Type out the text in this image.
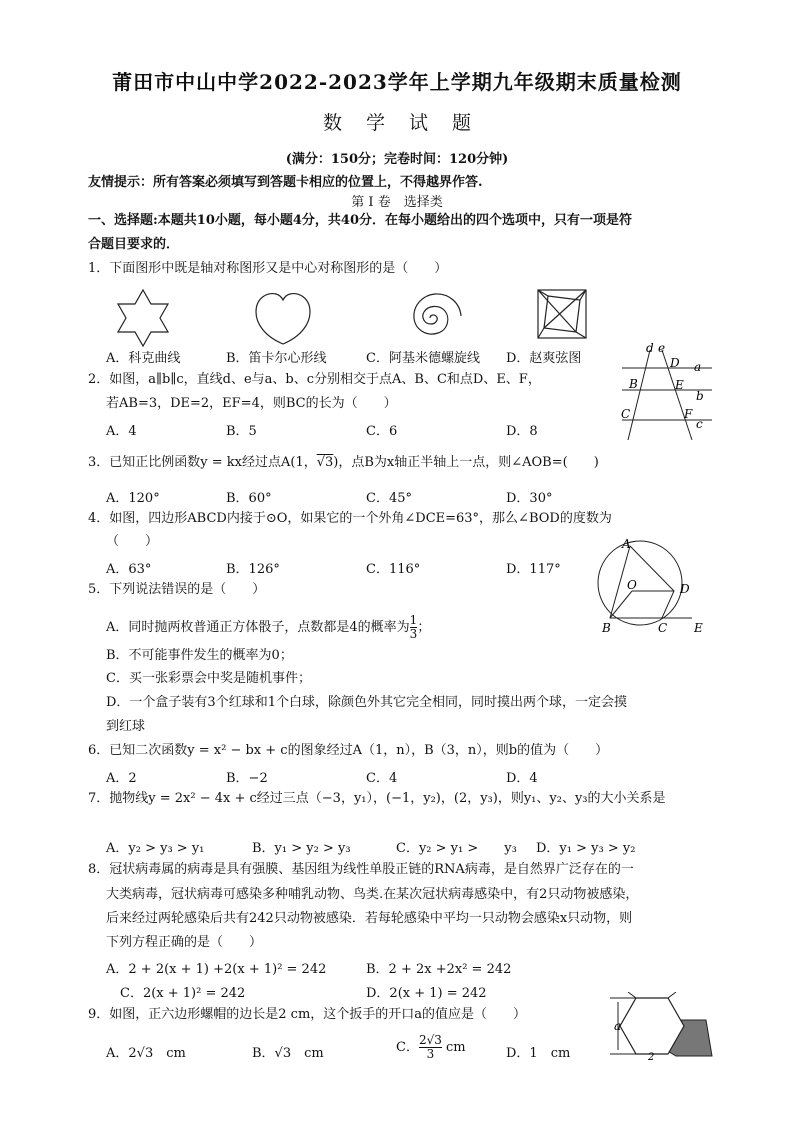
莆田市中山中学2022-2023学年上学期九年级期末质量检测
数学试题
(满分：150分；完卷时间：120分钟)
友情提示：所有答案必须填写到答题卡相应的位置上，不得越界作答.
第 I 卷　选择类
一、选择题:本题共10小题，每小题4分，共40分．在每小题给出的四个选项中，只有一项是符
合题目要求的．
1．下面图形中既是轴对称图形又是中心对称图形的是（　　）
A．科克曲线	B．笛卡尔心形线	C．阿基米德螺旋线 D．赵爽弦图
d e
D a
B	E
b
C	F
c
2．如图，a∥b∥c，直线d、e与a、b、c分别相交于点A、B、C和点D、E、F，
若AB=3，DE=2，EF=4，则BC的长为（　　）
A．4	B．5	C．6	D．8
3．已知正比例函数y = kx经过点A(1，√3)，点B为x轴正半轴上一点，则∠AOB=(　　)
A．120°	B．60°	C．45°	D．30°
4．如图，四边形ABCD内接于⊙O，如果它的一个外角∠DCE=63°，那么∠BOD的度数为
（　　）
A．63°	B．126°	C．116°	D．117°
A
O	D
B	C E
5．下列说法错误的是（　　）
A．同时抛两枚普通正方体骰子，点数都是4的概率为 $\frac{1}{3}$ ；
B．不可能事件发生的概率为0；
C．买一张彩票会中奖是随机事件；
D．一个盒子装有3个红球和1个白球，除颜色外其它完全相同，同时摸出两个球，一定会摸
到红球
6．已知二次函数y = x² − bx + c的图象经过A（1，n），B（3，n），则b的值为（　　）
A．2	B．−2	C．4	D．4
7．抛物线y = 2x² − 4x + c经过三点（−3，y₁），(−1，y₂)，(2，y₃)，则y₁、y₂、y₃的大小关系是
A．y₂ > y₃ > y₁	B．y₁ > y₂ > y₃	C．y₂ > y₁ >　　y₃ D．y₁ > y₃ > y₂
8．冠状病毒属的病毒是具有强膜、基因组为线性单股正链的RNA病毒，是自然界广泛存在的一
大类病毒，冠状病毒可感染多种哺乳动物、鸟类.在某次冠状病毒感染中，有2只动物被感染，
后来经过两轮感染后共有242只动物被感染．若每轮感染中平均一只动物会感染x只动物，则
下列方程正确的是（　　）
A．2 + 2(x + 1) +2(x + 1)² = 242	B．2 + 2x +2x² = 242
C．2(x + 1)² = 242	D．2(x + 1) = 242
9．如图，正六边形螺帽的边长是2 cm，这个扳手的开口a的值应是（　　）
A．2√3　cm	B．√3　cm	C． $\frac{2√3}{3}$ cm	D．1　cm
a
2
